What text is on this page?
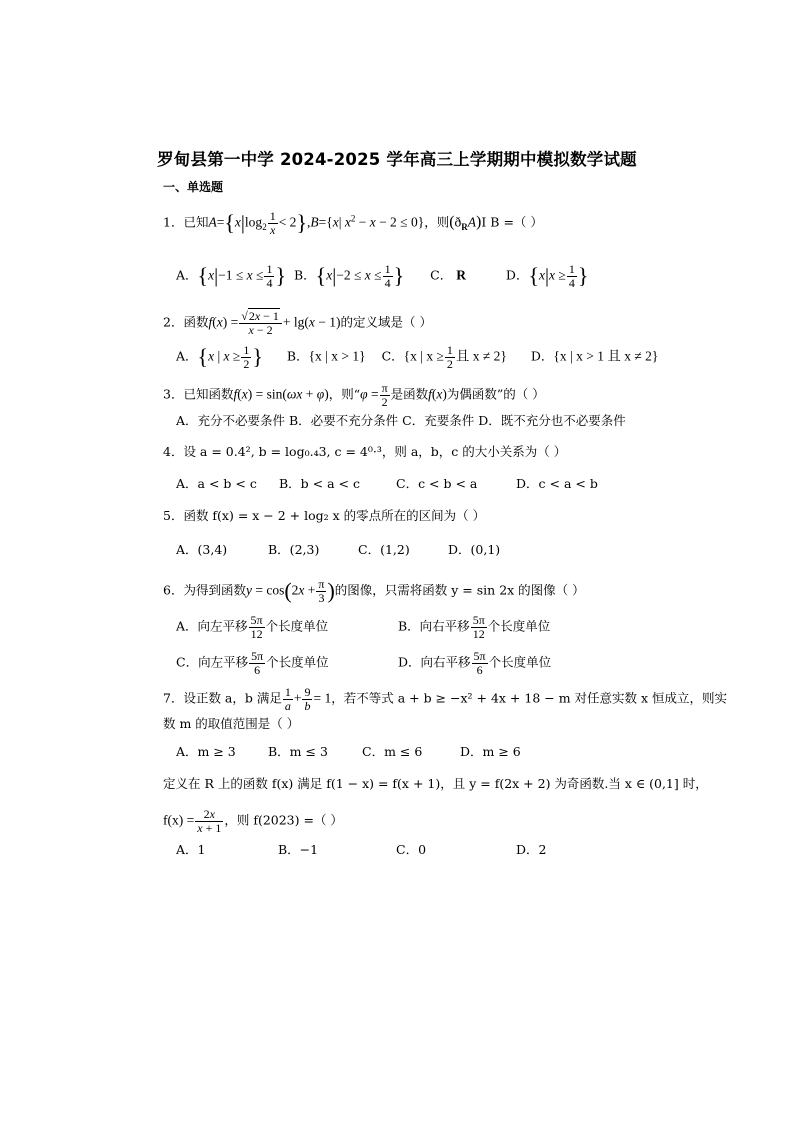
罗甸县第一中学 2024-2025 学年高三上学期期中模拟数学试题
一、单选题
1．已知$A=\{x|\log_2 \frac{1}{x} < 2\},B=\{x|$ $x^2 - x - 2 \le 0$}，则$(ð_RA)I$ B =（ ）
A．{$x|-1 \le x \le \frac{1}{4}$ } B．{$x|-2 \le x \le \frac{1}{4}$ } C． R	D．{$x|x \ge \frac{1}{4}$ }
2．函数$f(x) = \frac{√2x - 1}{x - 2} + \lg(x - 1)$的定义域是（ ）
A．{x | $x \ge \frac{1}{2}$ } B．{x | x > 1} C．{x | $x \ge \frac{1}{2}$ 且 x ≠ 2} D．{x | x > 1 且 x ≠ 2}
3．已知函数f(x) = sin(ωx + φ)，则“$\varphi = \frac{\pi}{2}$ 是函数f(x)为偶函数”的（ ）
A．充分不必要条件 B．必要不充分条件 C．充要条件 D．既不充分也不必要条件
4．设 a = 0.4², b = log₀.₄3, c = 4⁰·³，则 a，b，c 的大小关系为（ ）
A．a < b < c B．b < a < c	C．c < b < a	D．c < a < b
5．函数 f(x) = x − 2 + log₂ x 的零点所在的区间为（ ）
A．(3,4)	B．(2,3)	C．(1,2)	D．(0,1)
6．为得到函数$y = \cos(2x + \frac{\pi}{3}$ )的图像，只需将函数 y = sin 2x 的图像（ ）
A．向左平移 $\frac{5\pi}{12}$ 个长度单位	B．向右平移 $\frac{5\pi}{12}$ 个长度单位
C．向左平移 $\frac{5\pi}{6}$ 个长度单位	D．向右平移 $\frac{5\pi}{6}$ 个长度单位
7．设正数 a，b 满足 $\frac{1}{a} + \frac{9}{b} = 1$，若不等式 a + b ≥ −x² + 4x + 18 − m 对任意实数 x 恒成立，则实
数 m 的取值范围是（ ）
A．m ≥ 3	B．m ≤ 3	C．m ≤ 6	D．m ≥ 6
定义在 R 上的函数 f(x) 满足 f(1 − x) = f(x + 1)，且 y = f(2x + 2) 为奇函数.当 x ∈ (0,1] 时，
$f(x) = \frac{2x}{x + 1}$ ，则 f(2023) =（ ）
A．1	B．−1	C．0	D．2
